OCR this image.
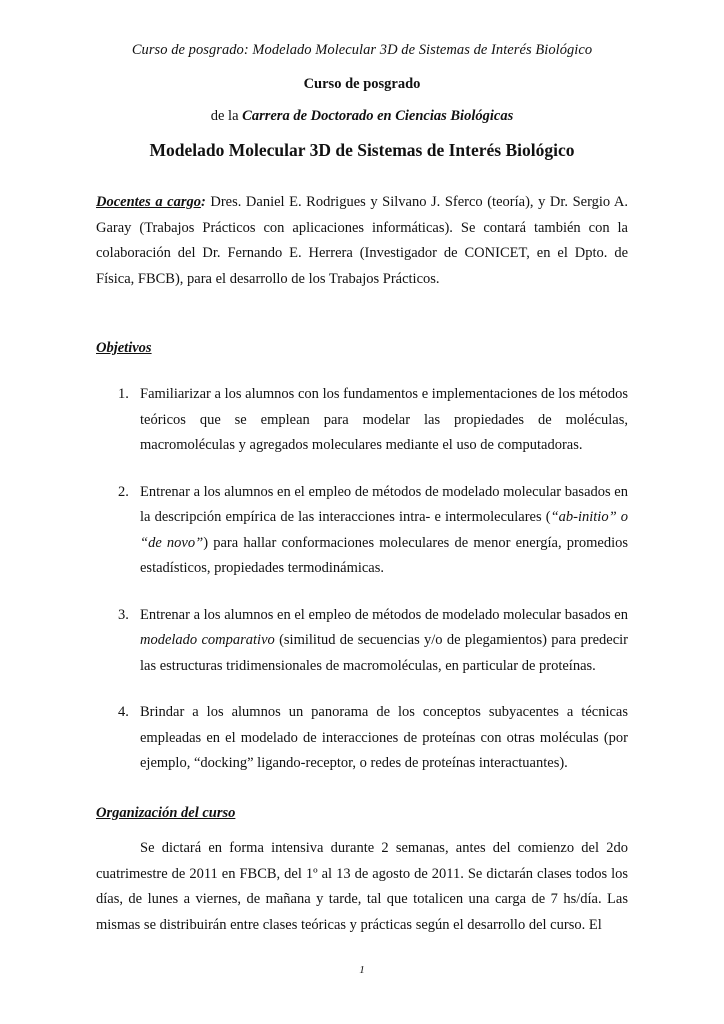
Curso de posgrado: Modelado Molecular 3D de Sistemas de Interés Biológico
Curso de posgrado
de la Carrera de Doctorado en Ciencias Biológicas
Modelado Molecular 3D de Sistemas de Interés Biológico
Docentes a cargo: Dres. Daniel E. Rodrigues y Silvano J. Sferco (teoría), y Dr. Sergio A. Garay (Trabajos Prácticos con aplicaciones informáticas). Se contará también con la colaboración del Dr. Fernando E. Herrera (Investigador de CONICET, en el Dpto. de Física, FBCB), para el desarrollo de los Trabajos Prácticos.
Objetivos
1. Familiarizar a los alumnos con los fundamentos e implementaciones de los métodos teóricos que se emplean para modelar las propiedades de moléculas, macromoléculas y agregados moleculares mediante el uso de computadoras.
2. Entrenar a los alumnos en el empleo de métodos de modelado molecular basados en la descripción empírica de las interacciones intra- e intermoleculares (“ab-initio” o “de novo”) para hallar conformaciones moleculares de menor energía, promedios estadísticos, propiedades termodinámicas.
3. Entrenar a los alumnos en el empleo de métodos de modelado molecular basados en modelado comparativo (similitud de secuencias y/o de plegamientos) para predecir las estructuras tridimensionales de macromoléculas, en particular de proteínas.
4. Brindar a los alumnos un panorama de los conceptos subyacentes a técnicas empleadas en el modelado de interacciones de proteínas con otras moléculas (por ejemplo, “docking” ligando-receptor, o redes de proteínas interactuantes).
Organización del curso
Se dictará en forma intensiva durante 2 semanas, antes del comienzo del 2do cuatrimestre de 2011 en FBCB, del 1º al 13 de agosto de 2011. Se dictarán clases todos los días, de lunes a viernes, de mañana y tarde, tal que totalicen una carga de 7 hs/día. Las mismas se distribuirán entre clases teóricas y prácticas según el desarrollo del curso. El
1
